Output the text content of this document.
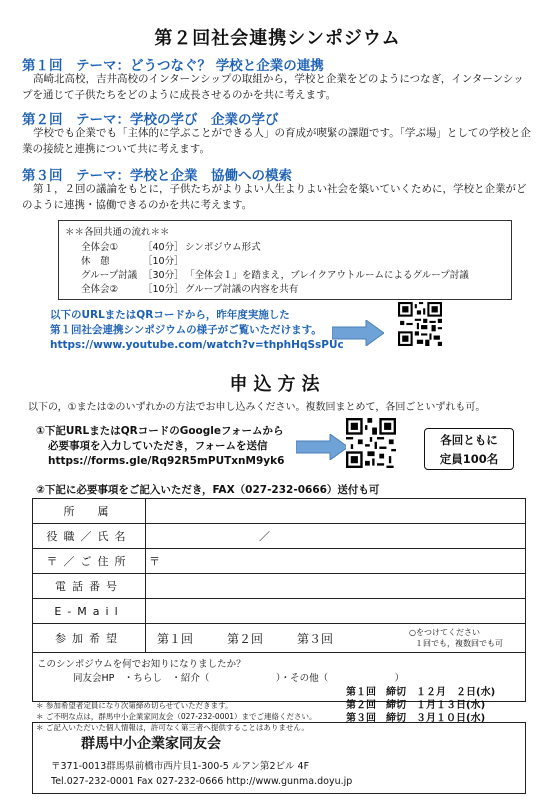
第２回社会連携シンポジウム
第１回　テーマ：どうつなぐ？ 学校と企業の連携
高崎北高校，吉井高校のインターンシップの取組から，学校と企業をどのようにつなぎ，インターンシップを通じて子供たちをどのように成長させるのかを共に考えます。
第２回　テーマ：学校の学び　企業の学び
学校でも企業でも「主体的に学ぶことができる人」の育成が喫緊の課題です。「学ぶ場」としての学校と企業の接続と連携について共に考えます。
第３回　テーマ：学校と企業　協働への模索
第１，２回の議論をもとに，子供たちがよりよい人生よりよい社会を築いていくために，学校と企業がどのように連携・協働できるのかを共に考えます。
＊＊各回共通の流れ＊＊
全体会①	［40分］シンポジウム形式
休　憩	［10分］
グループ討議 ［30分］「全体会１」を踏まえ，ブレイクアウトルームによるグループ討議
全体会②	［10分］グループ討議の内容を共有
以下のURLまたはQRコードから，昨年度実施した
第１回社会連携シンポジウムの様子がご覧いただけます。
https://www.youtube.com/watch?v=thphHqSsPUc
申込方法
以下の，①または②のいずれかの方法でお申し込みください。複数回まとめて，各回ごといずれも可。
①下記URLまたはQRコードのGoogleフォームから
必要事項を入力していただき，フォームを送信
https://forms.gle/Rq92R5mPUTxnM9yk6
各回ともに
定員100名
②下記に必要事項をご記入いただき，FAX（027-232-0666）送付も可
所　属
役職／氏名	／
〒／ご住所	〒
電話番号
E-Mail
参加希望	第１回	第２回	第３回	○をつけてください
１回でも，複数回でも可
このシンポジウムを何でお知りになりましたか？
同友会HP　・ちらし　・紹介（　　　　　　　）・その他（　　　　　　　）
＊ 参加希望者定員になり次第締め切らせていただきます。
＊ ご不明な点は，群馬中小企業家同友会（027-232-0001）までご連絡ください。
＊ ご記入いただいた個人情報は，許可なく第三者へ提供することはありません。
第１回　締切　１２月　２日(水)
第２回　締切　１月１３日(水)
第３回　締切　３月１０日(水)
群馬中小企業家同友会
〒371-0013群馬県前橋市西片貝1-300-5 ルアン第2ビル 4F
Tel.027-232-0001 Fax 027-232-0666 http://www.gunma.doyu.jp
